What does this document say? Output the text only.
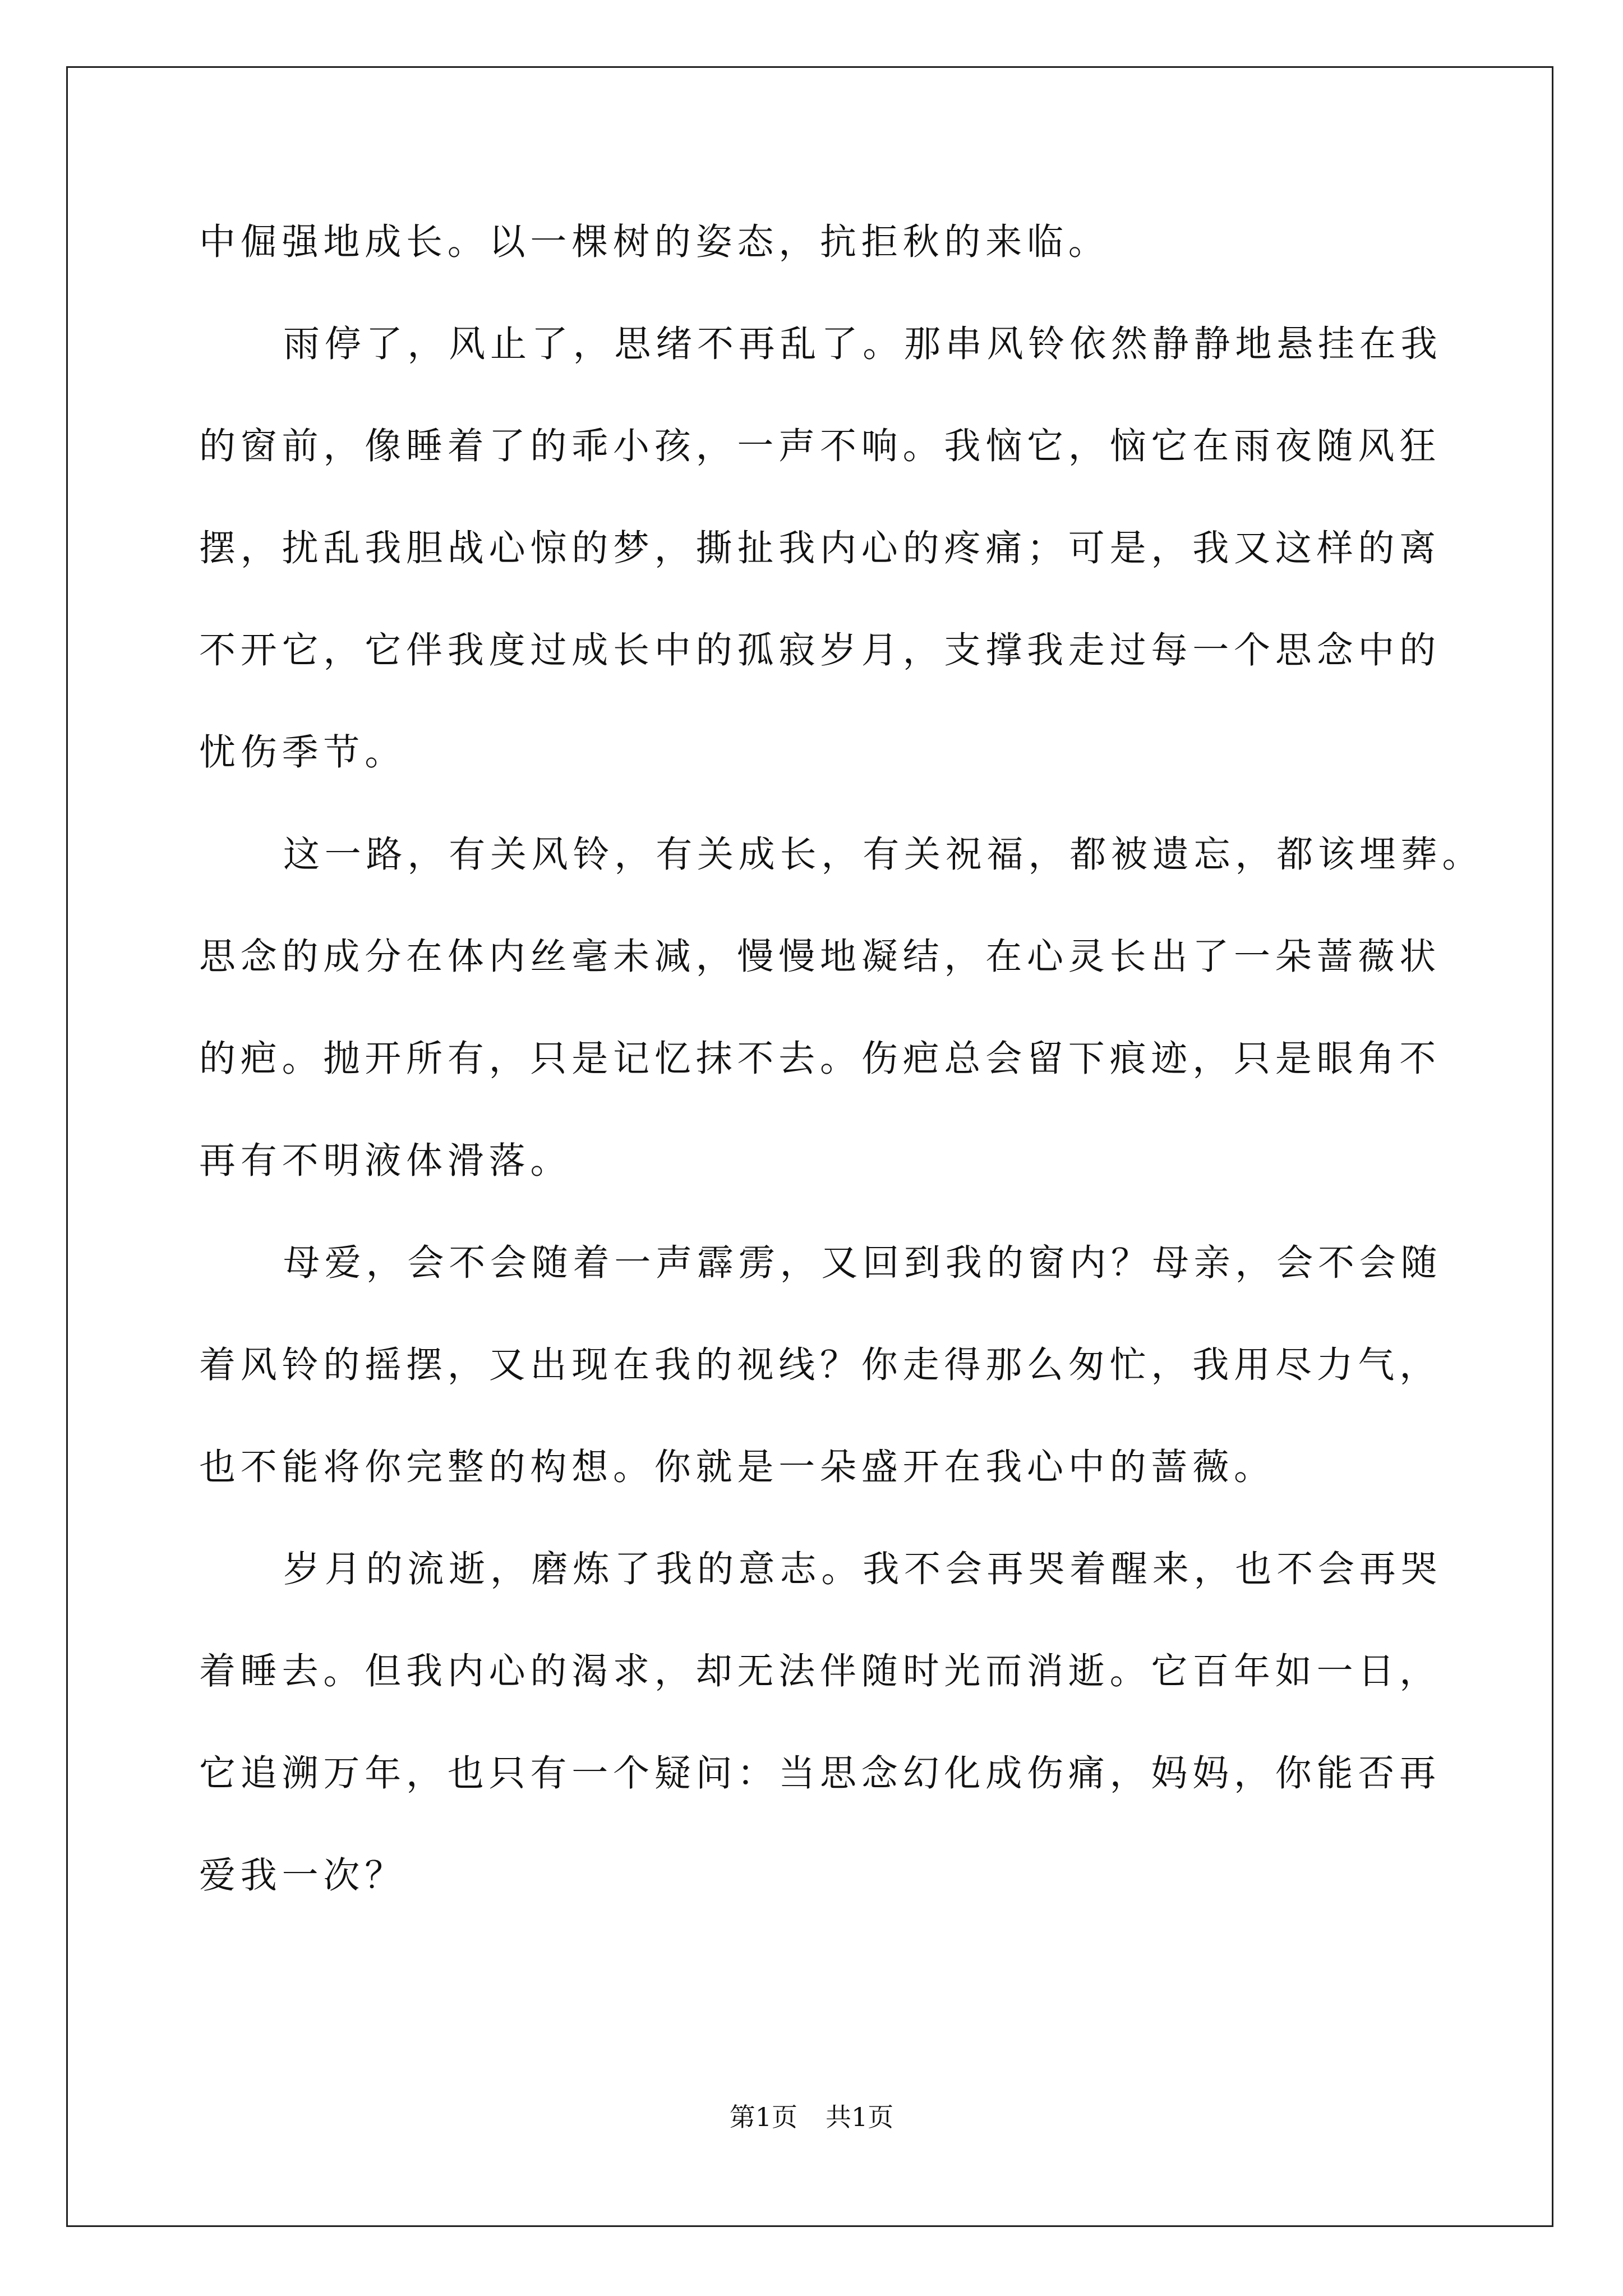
中倔强地成长。以一棵树的姿态，抗拒秋的来临。
雨停了，风止了，思绪不再乱了。那串风铃依然静静地悬挂在我
的窗前，像睡着了的乖小孩，一声不响。我恼它，恼它在雨夜随风狂
摆，扰乱我胆战心惊的梦，撕扯我内心的疼痛；可是，我又这样的离
不开它，它伴我度过成长中的孤寂岁月，支撑我走过每一个思念中的
忧伤季节。
这一路，有关风铃，有关成长，有关祝福，都被遗忘，都该埋葬。
思念的成分在体内丝毫未减，慢慢地凝结，在心灵长出了一朵蔷薇状
的疤。抛开所有，只是记忆抹不去。伤疤总会留下痕迹，只是眼角不
再有不明液体滑落。
母爱，会不会随着一声霹雳，又回到我的窗内？母亲，会不会随
着风铃的摇摆，又出现在我的视线？你走得那么匆忙，我用尽力气，
也不能将你完整的构想。你就是一朵盛开在我心中的蔷薇。
岁月的流逝，磨炼了我的意志。我不会再哭着醒来，也不会再哭
着睡去。但我内心的渴求，却无法伴随时光而消逝。它百年如一日，
它追溯万年，也只有一个疑问：当思念幻化成伤痛，妈妈，你能否再
爱我一次？
第1页 共1页
